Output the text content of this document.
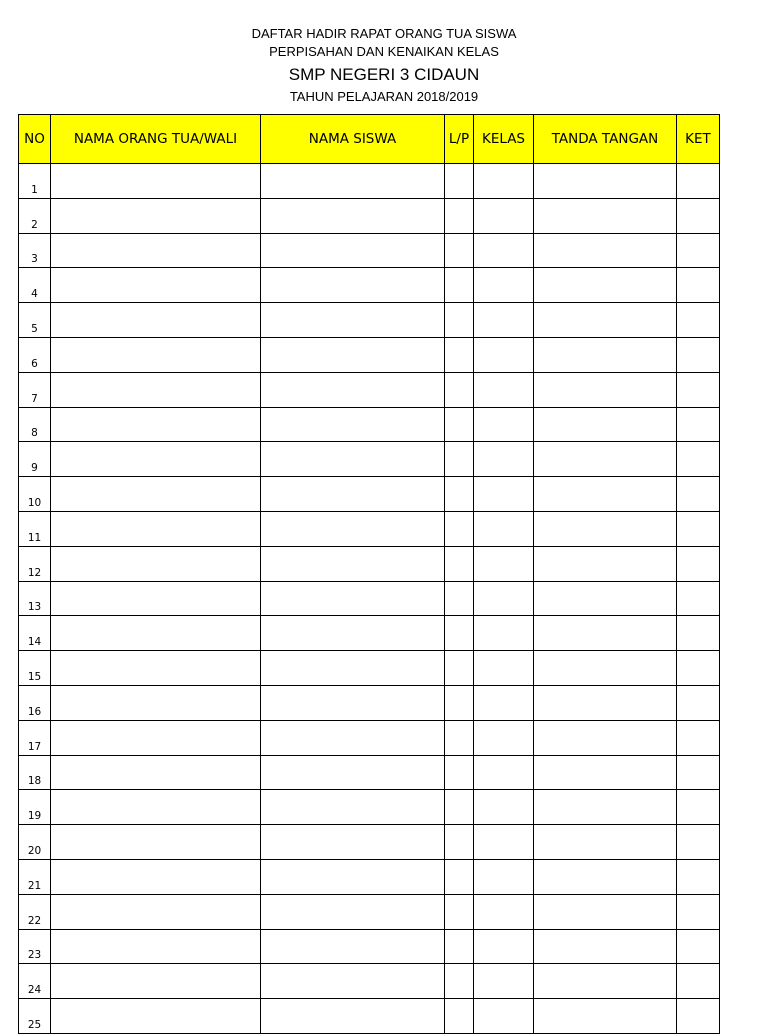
DAFTAR HADIR RAPAT ORANG TUA SISWA
PERPISAHAN DAN KENAIKAN KELAS
SMP NEGERI 3 CIDAUN
TAHUN PELAJARAN 2018/2019
NO	NAMA ORANG TUA/WALI	NAMA SISWA	L/P	KELAS	TANDA TANGAN	KET
1						
2						
3						
4						
5						
6						
7						
8						
9						
10						
11						
12						
13						
14						
15						
16						
17						
18						
19						
20						
21						
22						
23						
24						
25						
